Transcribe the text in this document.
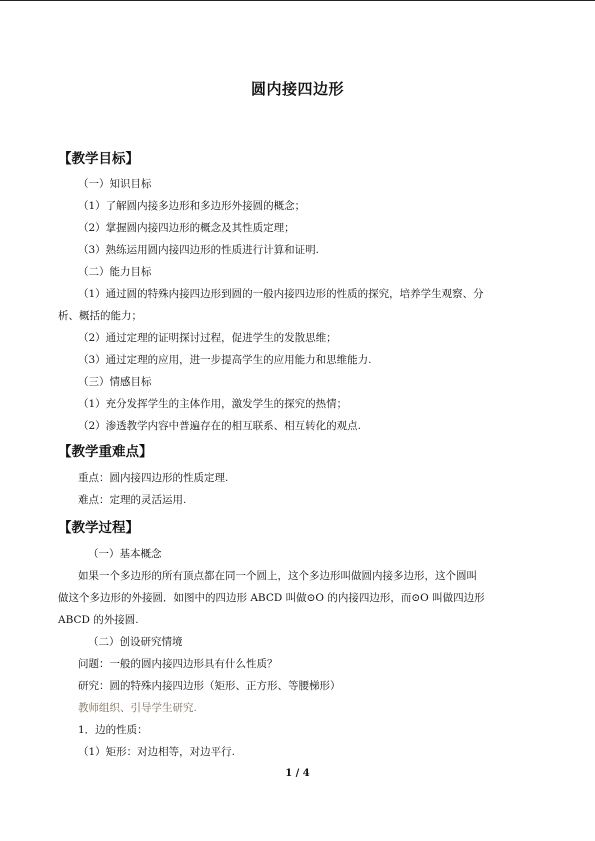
圆内接四边形
【教学目标】
（一）知识目标
（1）了解圆内接多边形和多边形外接圆的概念；
（2）掌握圆内接四边形的概念及其性质定理；
（3）熟练运用圆内接四边形的性质进行计算和证明.
（二）能力目标
（1）通过圆的特殊内接四边形到圆的一般内接四边形的性质的探究，培养学生观察、分
析、概括的能力；
（2）通过定理的证明探讨过程，促进学生的发散思维；
（3）通过定理的应用，进一步提高学生的应用能力和思维能力.
（三）情感目标
（1）充分发挥学生的主体作用，激发学生的探究的热情；
（2）渗透教学内容中普遍存在的相互联系、相互转化的观点.
【教学重难点】
重点：圆内接四边形的性质定理.
难点：定理的灵活运用.
【教学过程】
（一）基本概念
如果一个多边形的所有顶点都在同一个圆上，这个多边形叫做圆内接多边形，这个圆叫
做这个多边形的外接圆．如图中的四边形 ABCD 叫做⊙O 的内接四边形，而⊙O 叫做四边形
ABCD 的外接圆.
（二）创设研究情境
问题：一般的圆内接四边形具有什么性质？
研究：圆的特殊内接四边形（矩形、正方形、等腰梯形）
教师组织、引导学生研究.
1．边的性质：
（1）矩形：对边相等，对边平行.
1 / 4
